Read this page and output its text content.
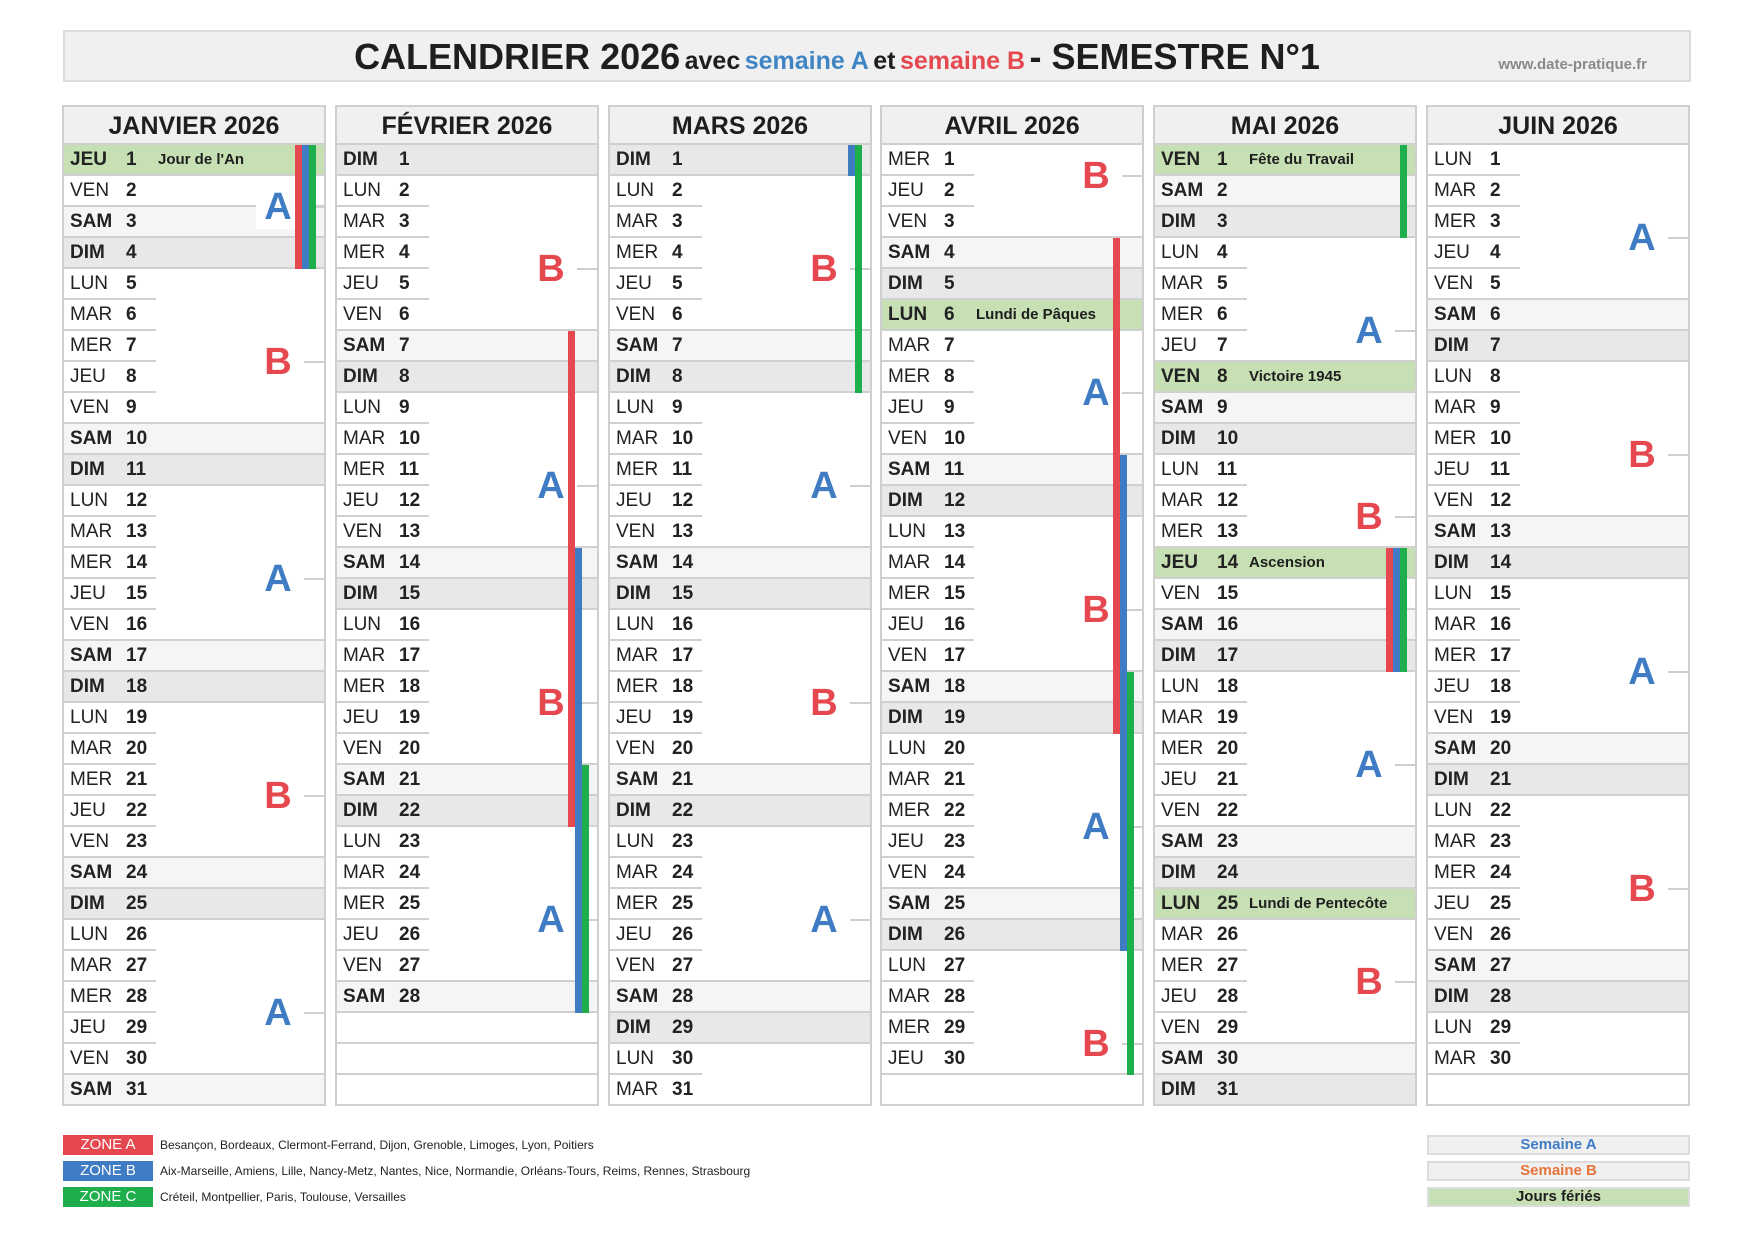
CALENDRIER 2026 avec semaine A et semaine B - SEMESTRE N°1	www.date-pratique.fr
JANVIER 2026
JEU	1	Jour de l'An
VEN 2
SAM 3
DIM	4
LUN 5
MAR 6
MER 7
JEU	8
VEN 9
SAM 10
DIM	11
LUN 12
MAR 13
MER 14
JEU	15
VEN 16
SAM 17
DIM	18
LUN 19
MAR 20
MER 21
JEU	22
VEN 23
SAM 24
DIM	25
LUN 26
MAR 27
MER 28
JEU	29
VEN 30
SAM 31
A
B
A
B
A
FÉVRIER 2026
DIM	1
LUN 2
MAR 3
MER 4
JEU	5
VEN 6
SAM 7
DIM	8
LUN 9
MAR 10
MER 11
JEU	12
VEN 13
SAM 14
DIM	15
LUN 16
MAR 17
MER 18
JEU	19
VEN 20
SAM 21
DIM	22
LUN 23
MAR 24
MER 25
JEU	26
VEN 27
SAM 28
B
A
B
A
MARS 2026
DIM	1
LUN 2
MAR 3
MER 4
JEU	5
VEN 6
SAM 7
DIM	8
LUN 9
MAR 10
MER 11
JEU	12
VEN 13
SAM 14
DIM	15
LUN 16
MAR 17
MER 18
JEU	19
VEN 20
SAM 21
DIM	22
LUN 23
MAR 24
MER 25
JEU	26
VEN 27
SAM 28
DIM	29
LUN 30
MAR 31
B
A
B
A
AVRIL 2026
MER 1
JEU	2
VEN 3
SAM 4
DIM	5
LUN 6	Lundi de Pâques
MAR 7
MER 8
JEU	9
VEN 10
SAM 11
DIM	12
LUN 13
MAR 14
MER 15
JEU	16
VEN 17
SAM 18
DIM	19
LUN 20
MAR 21
MER 22
JEU	23
VEN 24
SAM 25
DIM	26
LUN 27
MAR 28
MER 29
JEU	30
B
A
B
A
B
MAI 2026
VEN 1	Fête du Travail
SAM 2
DIM	3
LUN 4
MAR 5
MER 6
JEU	7
VEN 8	Victoire 1945
SAM 9
DIM	10
LUN 11
MAR 12
MER 13
JEU	14 Ascension
VEN 15
SAM 16
DIM	17
LUN 18
MAR 19
MER 20
JEU	21
VEN 22
SAM 23
DIM	24
LUN 25 Lundi de Pentecôte
MAR 26
MER 27
JEU	28
VEN 29
SAM 30
DIM	31
A
B
A
B
JUIN 2026
LUN 1
MAR 2
MER 3
JEU	4
VEN 5
SAM 6
DIM	7
LUN 8
MAR 9
MER 10
JEU	11
VEN 12
SAM 13
DIM	14
LUN 15
MAR 16
MER 17
JEU	18
VEN 19
SAM 20
DIM	21
LUN 22
MAR 23
MER 24
JEU	25
VEN 26
SAM 27
DIM	28
LUN 29
MAR 30
A
B
A
B
ZONE A	Besançon, Bordeaux, Clermont-Ferrand, Dijon, Grenoble, Limoges, Lyon, Poitiers
ZONE B	Aix-Marseille, Amiens, Lille, Nancy-Metz, Nantes, Nice, Normandie, Orléans-Tours, Reims, Rennes, Strasbourg
ZONE C	Créteil, Montpellier, Paris, Toulouse, Versailles
Semaine A
Semaine B
Jours fériés
